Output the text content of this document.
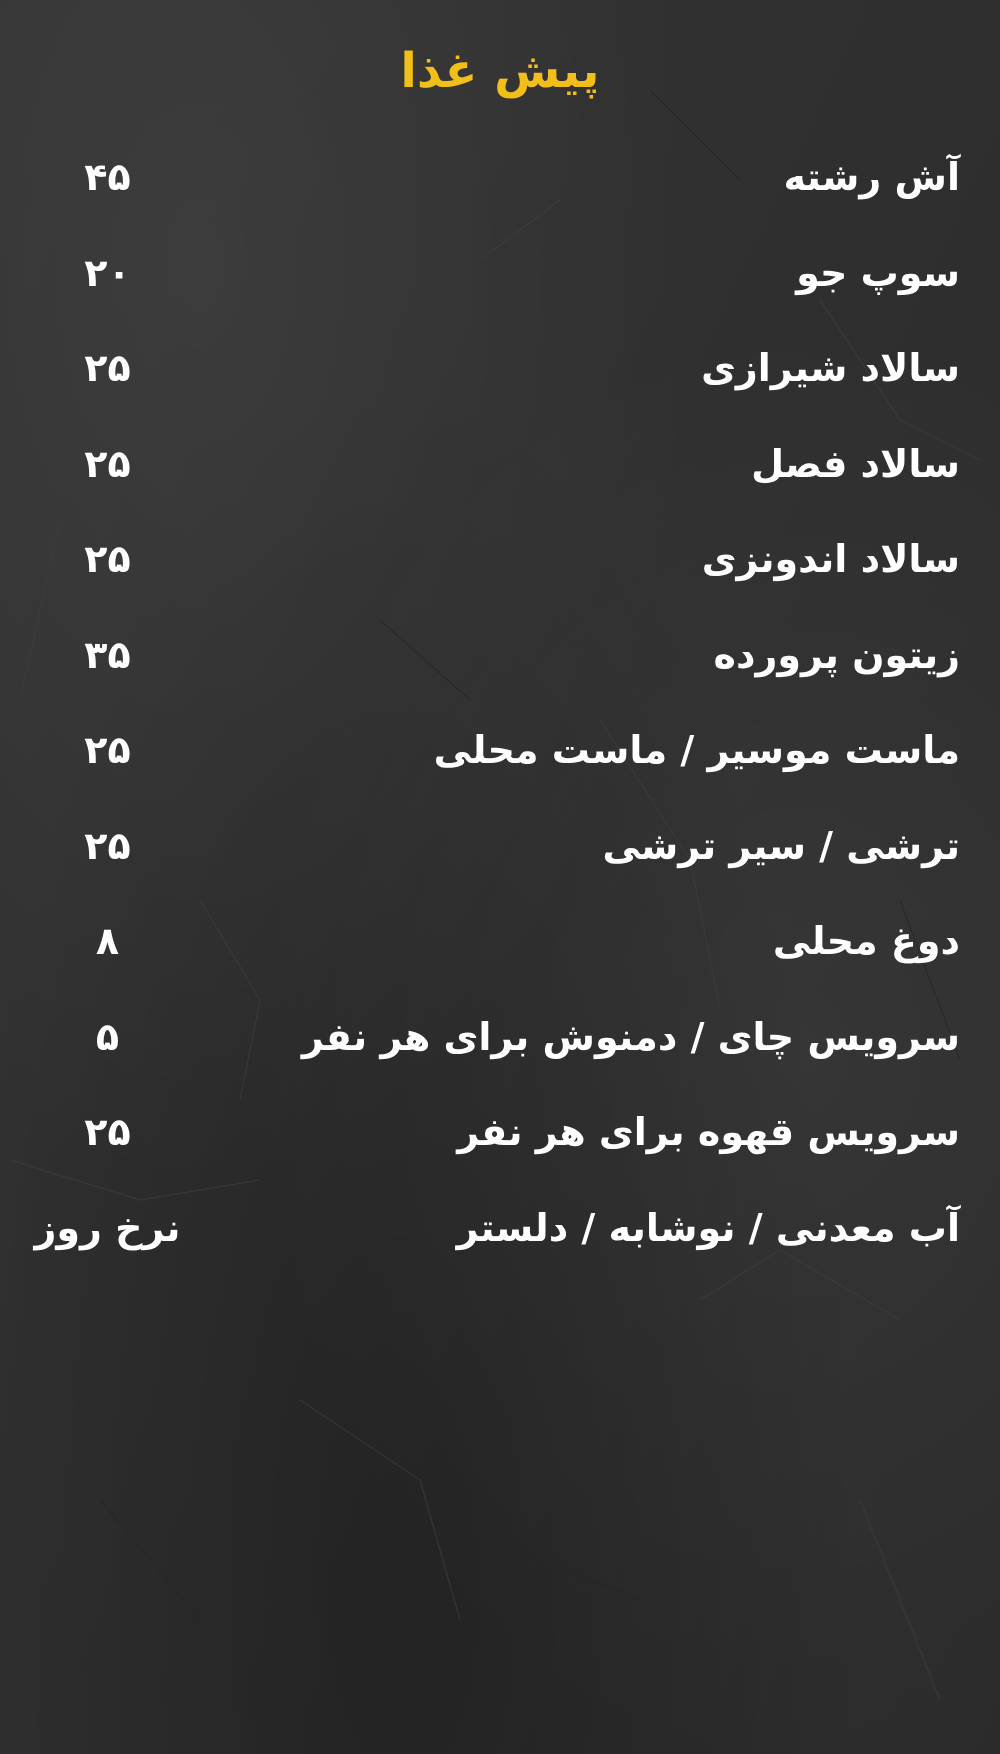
پیش غذا
آش رشته
۴۵
سوپ جو
۲۰
سالاد شیرازی
۲۵
سالاد فصل
۲۵
سالاد اندونزی
۲۵
زیتون پرورده
۳۵
ماست موسیر / ماست محلی
۲۵
ترشی / سیر ترشی
۲۵
دوغ محلی
۸
سرویس چای / دمنوش برای هر نفر
۵
سرویس قهوه برای هر نفر
۲۵
آب معدنی / نوشابه / دلستر
نرخ روز
